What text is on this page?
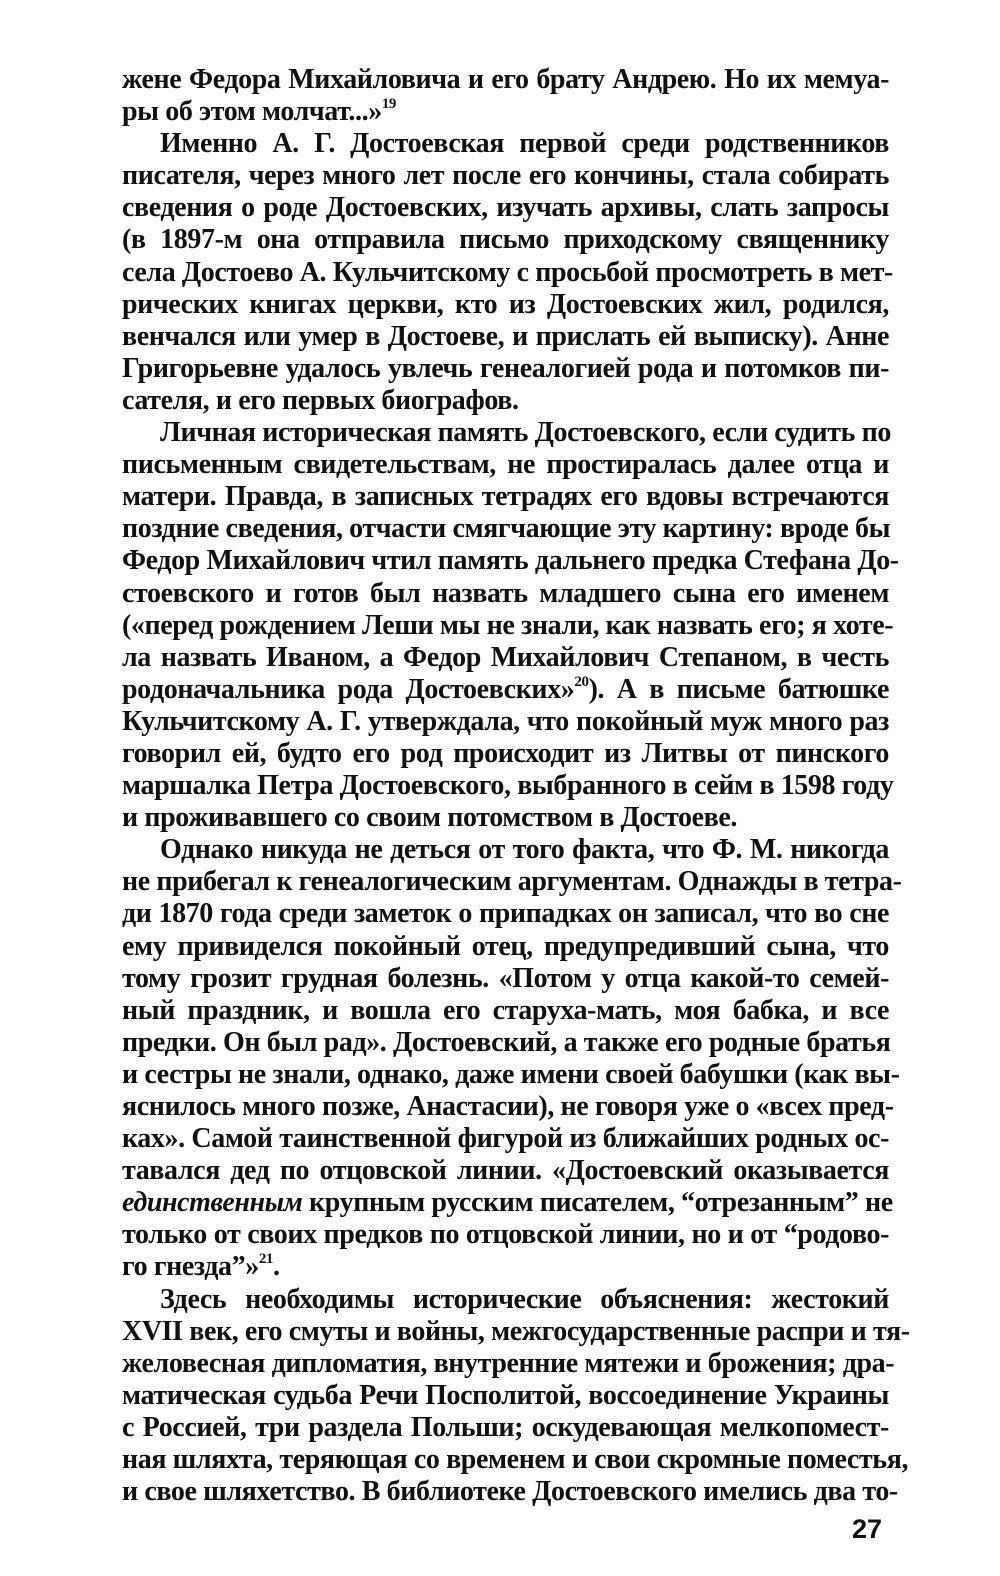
жене Федора Михайловича и его брату Андрею. Но их мемуа-
ры об этом молчат...»$^{19}$
Именно А. Г. Достоевская первой среди родственников
писателя, через много лет после его кончины, стала собирать
сведения о роде Достоевских, изучать архивы, слать запросы
(в 1897-м она отправила письмо приходскому священнику
села Достоево А. Кульчитскому с просьбой просмотреть в мет-
рических книгах церкви, кто из Достоевских жил, родился,
венчался или умер в Достоеве, и прислать ей выписку). Анне
Григорьевне удалось увлечь генеалогией рода и потомков пи-
сателя, и его первых биографов.
Личная историческая память Достоевского, если судить по
письменным свидетельствам, не простиралась далее отца и
матери. Правда, в записных тетрадях его вдовы встречаются
поздние сведения, отчасти смягчающие эту картину: вроде бы
Федор Михайлович чтил память дальнего предка Стефана До-
стоевского и готов был назвать младшего сына его именем
(«перед рождением Леши мы не знали, как назвать его; я хоте-
ла назвать Иваном, а Федор Михайлович Степаном, в честь
родоначальника рода Достоевских»$^{20}$). А в письме батюшке
Кульчитскому А. Г. утверждала, что покойный муж много раз
говорил ей, будто его род происходит из Литвы от пинского
маршалка Петра Достоевского, выбранного в сейм в 1598 году
и проживавшего со своим потомством в Достоеве.
Однако никуда не деться от того факта, что Ф. М. никогда
не прибегал к генеалогическим аргументам. Однажды в тетра-
ди 1870 года среди заметок о припадках он записал, что во сне
ему привиделся покойный отец, предупредивший сына, что
тому грозит грудная болезнь. «Потом у отца какой-то семей-
ный праздник, и вошла его старуха-мать, моя бабка, и все
предки. Он был рад». Достоевский, а также его родные братья
и сестры не знали, однако, даже имени своей бабушки (как вы-
яснилось много позже, Анастасии), не говоря уже о «всех пред-
ках». Самой таинственной фигурой из ближайших родных ос-
тавался дед по отцовской линии. «Достоевский оказывается
единственным крупным русским писателем, “отрезанным” не
только от своих предков по отцовской линии, но и от “родово-
го гнезда”»$^{21}$.
Здесь необходимы исторические объяснения: жестокий
XVII век, его смуты и войны, межгосударственные распри и тя-
желовесная дипломатия, внутренние мятежи и брожения; дра-
матическая судьба Речи Посполитой, воссоединение Украины
с Россией, три раздела Польши; оскудевающая мелкопомест-
ная шляхта, теряющая со временем и свои скромные поместья,
и свое шляхетство. В библиотеке Достоевского имелись два то-
27
